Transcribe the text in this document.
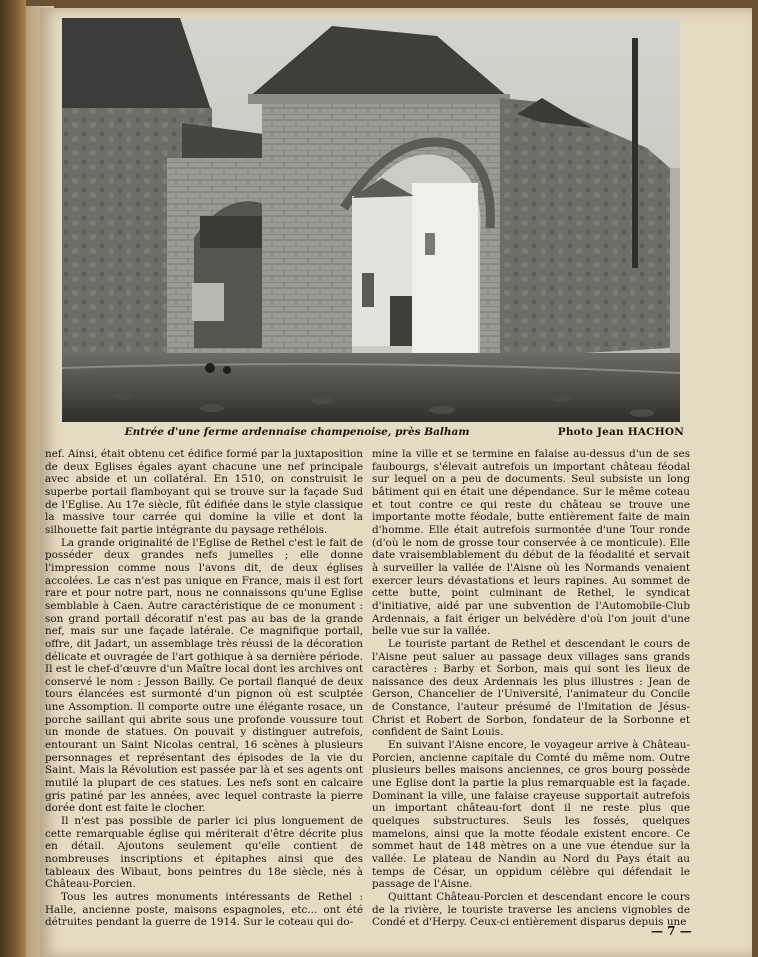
Entrée d'une ferme ardennaise champenoise, près Balham	Photo Jean HACHON

nef. Ainsi, était obtenu cet édifice formé par la juxtaposition de deux Eglises égales ayant chacune une nef principale avec abside et un collatéral. En 1510, on construisit le superbe portail flamboyant qui se trouve sur la façade Sud de l'Eglise. Au 17e siècle, fût édifiée dans le style classique la massive tour carrée qui domine la ville et dont la silhouette fait partie intégrante du paysage rethélois.

La grande originalité de l'Eglise de Rethel c'est le fait de posséder deux grandes nefs jumelles ; elle donne l'impression comme nous l'avons dit, de deux églises accolées. Le cas n'est pas unique en France, mais il est fort rare et pour notre part, nous ne connaissons qu'une Eglise semblable à Caen. Autre caractéristique de ce monument : son grand portail décoratif n'est pas au bas de la grande nef, mais sur une façade latérale. Ce magnifique portail, offre, dit Jadart, un assemblage très réussi de la décoration délicate et ouvragée de l'art gothique à sa dernière période. Il est le chef-d'œuvre d'un Maître local dont les archives ont conservé le nom : Jesson Bailly. Ce portail flanqué de deux tours élancées est surmonté d'un pignon où est sculptée une Assomption. Il comporte outre une élégante rosace, un porche saillant qui abrite sous une profonde voussure tout un monde de statues. On pouvait y distinguer autrefois, entourant un Saint Nicolas central, 16 scènes à plusieurs personnages et représentant des épisodes de la vie du Saint. Mais la Révolution est passée par là et ses agents ont mutilé la plupart de ces statues. Les nefs sont en calcaire gris patiné par les années, avec lequel contraste la pierre dorée dont est faite le clocher.

Il n'est pas possible de parler ici plus longuement de cette remarquable église qui mériterait d'être décrite plus en détail. Ajoutons seulement qu'elle contient de nombreuses inscriptions et épitaphes ainsi que des tableaux des Wibaut, bons peintres du 18e siècle, nés à Château-Porcien.

Tous les autres monuments intéressants de Rethel : Halle, ancienne poste, maisons espagnoles, etc... ont été détruites pendant la guerre de 1914. Sur le coteau qui do-

mine la ville et se termine en falaise au-dessus d'un de ses faubourgs, s'élevait autrefois un important château féodal sur lequel on a peu de documents. Seul subsiste un long bâtiment qui en était une dépendance. Sur le même coteau et tout contre ce qui reste du château se trouve une importante motte féodale, butte entièrement faite de main d'homme. Elle était autrefois surmontée d'une Tour ronde (d'où le nom de grosse tour conservée à ce monticule). Elle date vraisemblablement du début de la féodalité et servait à surveiller la vallée de l'Aisne où les Normands venaient exercer leurs dévastations et leurs rapines. Au sommet de cette butte, point culminant de Rethel, le syndicat d'initiative, aidé par une subvention de l'Automobile-Club Ardennais, a fait ériger un belvédère d'où l'on jouit d'une belle vue sur la vallée.

Le touriste partant de Rethel et descendant le cours de l'Aisne peut saluer au passage deux villages sans grands caractères : Barby et Sorbon, mais qui sont les lieux de naissance des deux Ardennais les plus illustres : Jean de Gerson, Chancelier de l'Université, l'animateur du Concile de Constance, l'auteur présumé de l'Imitation de Jésus-Christ et Robert de Sorbon, fondateur de la Sorbonne et confident de Saint Louis.

En suivant l'Aisne encore, le voyageur arrive à Château-Porcien, ancienne capitale du Comté du même nom. Outre plusieurs belles maisons anciennes, ce gros bourg possède une Eglise dont la partie la plus remarquable est la façade. Dominant la ville, une falaise crayeuse supportait autrefois un important château-fort dont il ne reste plus que quelques substructures. Seuls les fossés, quelques mamelons, ainsi que la motte féodale existent encore. Ce sommet haut de 148 mètres on a une vue étendue sur la vallée. Le plateau de Nandin au Nord du Pays était au temps de César, un oppidum célèbre qui défendait le passage de l'Aisne.

Quittant Château-Porcien et descendant encore le cours de la rivière, le touriste traverse les anciens vignobles de Condé et d'Herpy. Ceux-ci entièrement disparus depuis une

— 7 —
